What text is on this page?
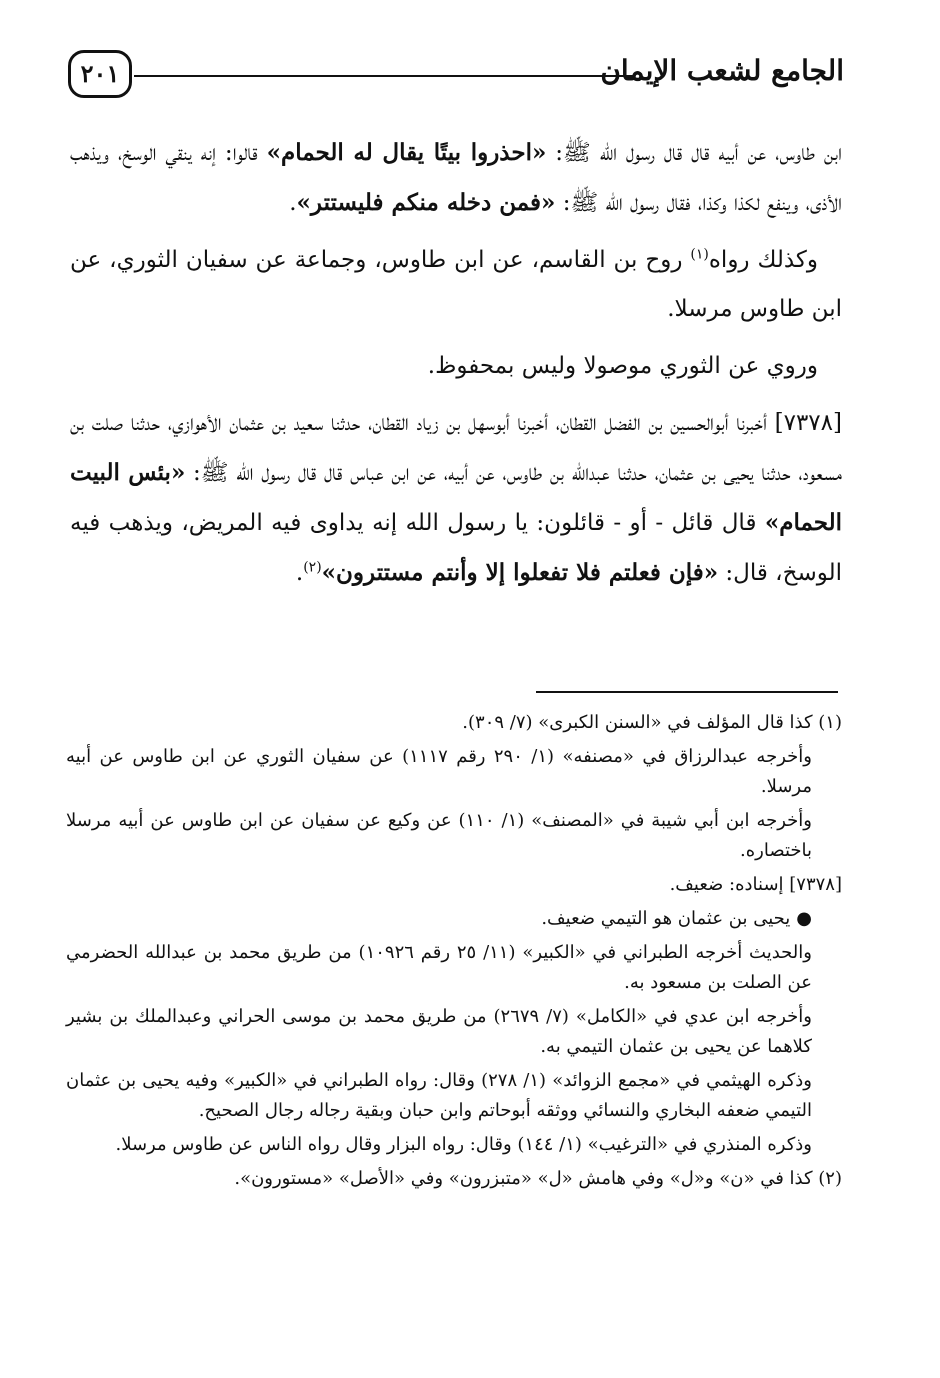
الجامع لشعب الإيمان
٢٠١

ابن طاوس، عن أبيه قال قال رسول الله ﷺ: «احذروا بيتًا يقال له الحمام» قالوا: إنه ينقي الوسخ، ويذهب الأذى، وينفع لكذا وكذا، فقال رسول الله ﷺ: «فمن دخله منكم فليستتر».

وكذلك رواه$^{(١)}$ روح بن القاسم، عن ابن طاوس، وجماعة عن سفيان الثوري، عن ابن طاوس مرسلا.

وروي عن الثوري موصولا وليس بمحفوظ.

[٧٣٧٨] أخبرنا أبوالحسين بن الفضل القطان، أخبرنا أبوسهل بن زياد القطان، حدثنا سعيد بن عثمان الأهوازي، حدثنا صلت بن مسعود، حدثنا يحيى بن عثمان، حدثنا عبدالله بن طاوس، عن أبيه، عن ابن عباس قال قال رسول الله ﷺ: «بئس البيت الحمام» قال قائل - أو - قائلون: يا رسول الله إنه يداوى فيه المريض، ويذهب فيه الوسخ، قال: «فإن فعلتم فلا تفعلوا إلا وأنتم مستترون»$^{(٢)}$.

(١) كذا قال المؤلف في «السنن الكبرى» (٧/ ٣٠٩).

وأخرجه عبدالرزاق في «مصنفه» (١/ ٢٩٠ رقم ١١١٧) عن سفيان الثوري عن ابن طاوس عن أبيه مرسلا.

وأخرجه ابن أبي شيبة في «المصنف» (١/ ١١٠) عن وكيع عن سفيان عن ابن طاوس عن أبيه مرسلا باختصاره.

[٧٣٧٨] إسناده: ضعيف.

●يحيى بن عثمان هو التيمي ضعيف.

والحديث أخرجه الطبراني في «الكبير» (١١/ ٢٥ رقم ١٠٩٢٦) من طريق محمد بن عبدالله الحضرمي عن الصلت بن مسعود به.

وأخرجه ابن عدي في «الكامل» (٧/ ٢٦٧٩) من طريق محمد بن موسى الحراني وعبدالملك بن بشير كلاهما عن يحيى بن عثمان التيمي به.

وذكره الهيثمي في «مجمع الزوائد» (١/ ٢٧٨) وقال: رواه الطبراني في «الكبير» وفيه يحيى بن عثمان التيمي ضعفه البخاري والنسائي ووثقه أبوحاتم وابن حبان وبقية رجاله رجال الصحيح.

وذكره المنذري في «الترغيب» (١/ ١٤٤) وقال: رواه البزار وقال رواه الناس عن طاوس مرسلا.

(٢) كذا في «ن» و«ل» وفي هامش «ل» «متبزرون» وفي «الأصل» «مستورون».
